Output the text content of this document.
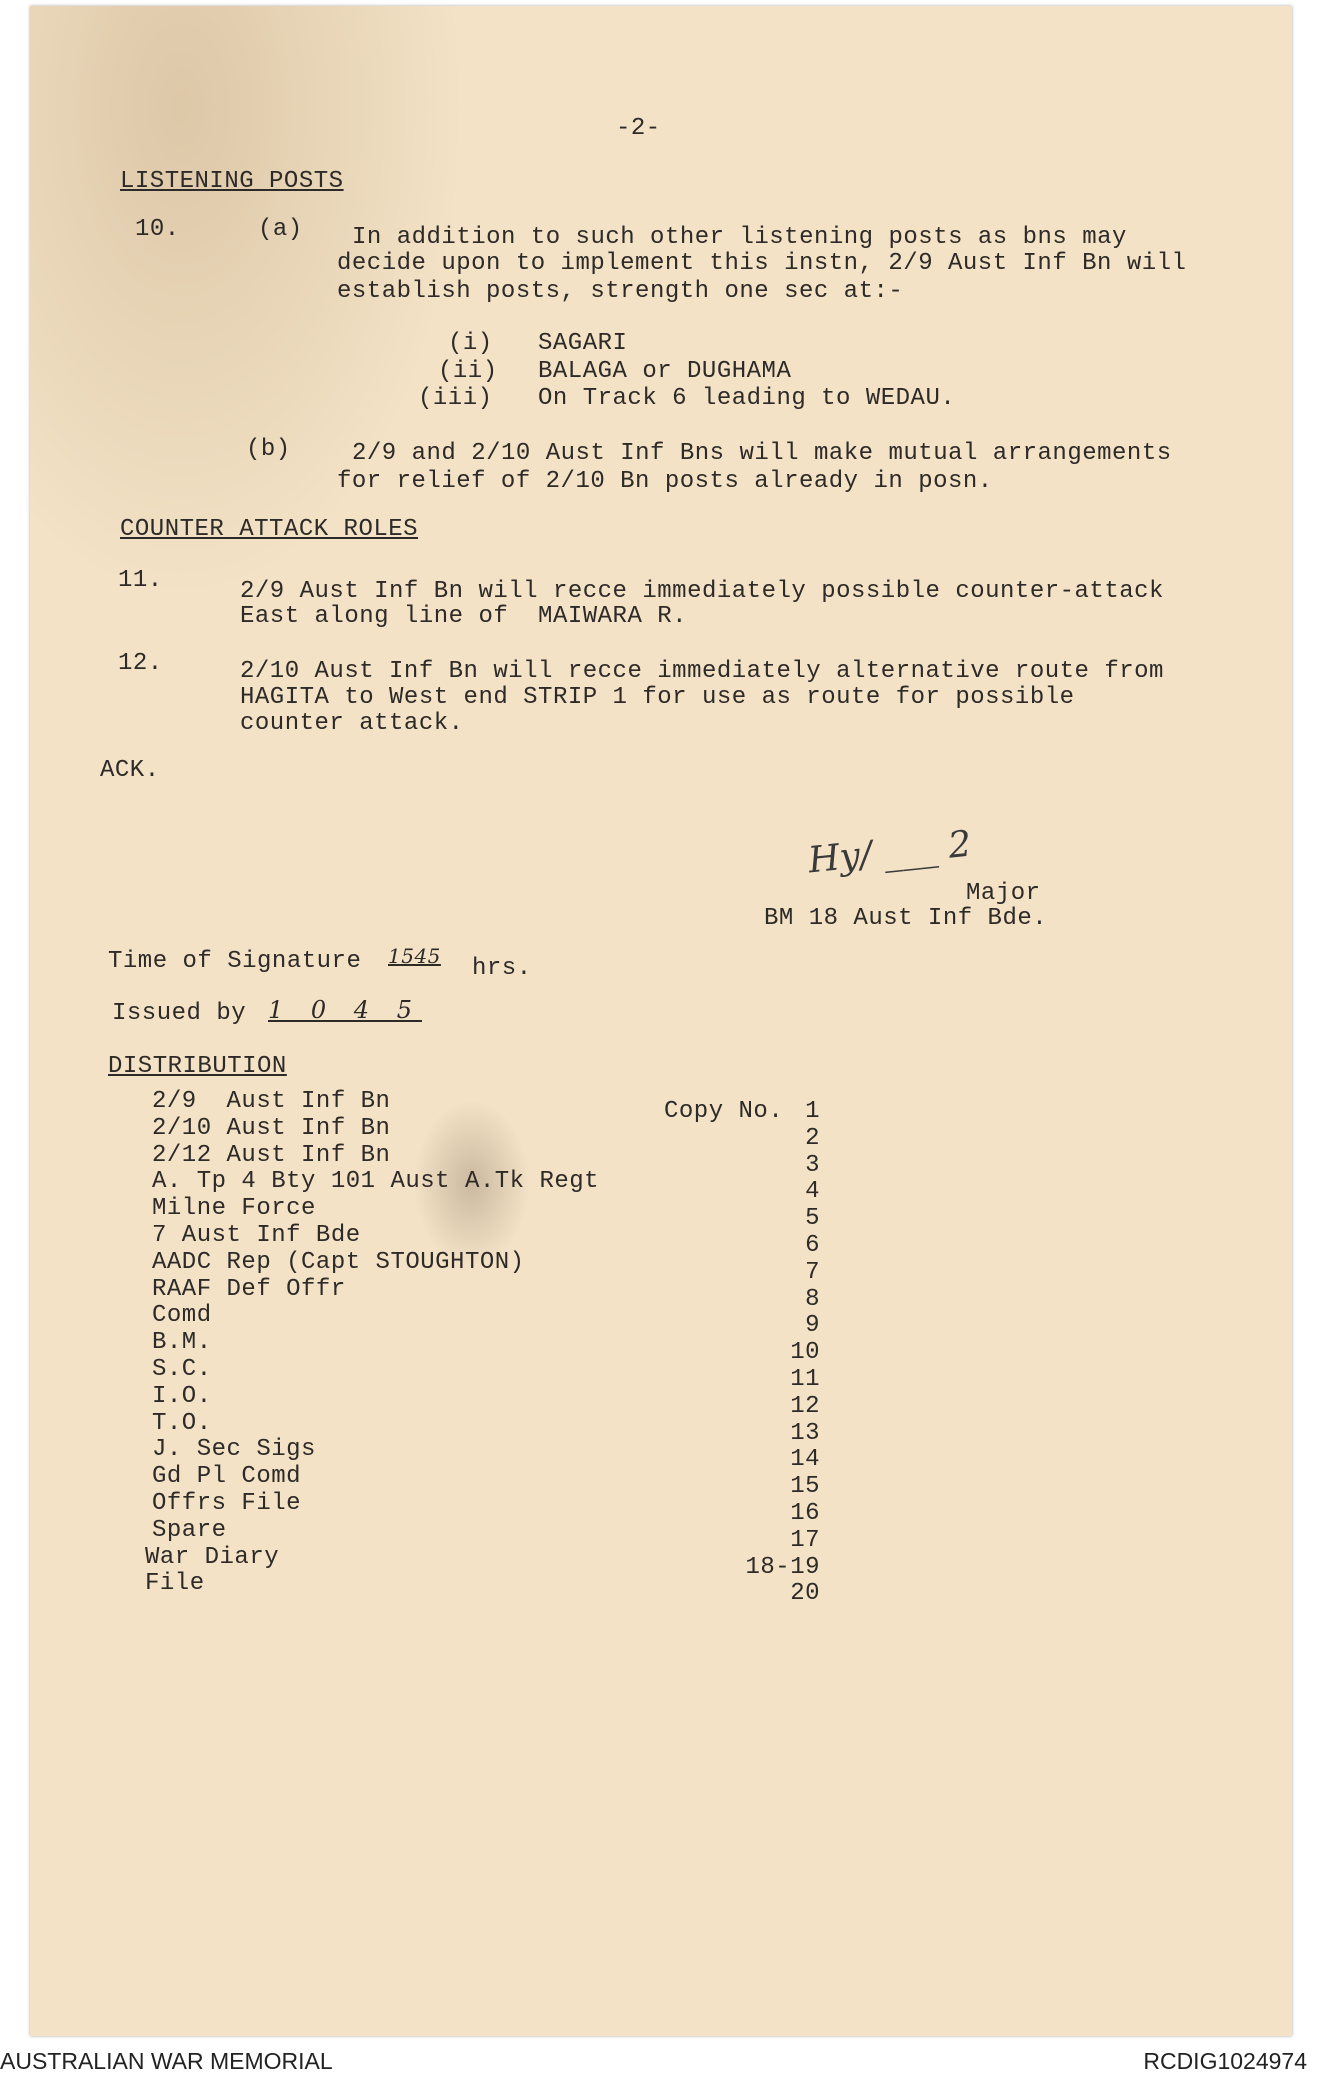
-2-
LISTENING POSTS
10.	(a) In addition to such other listening posts as bns may
decide upon to implement this instn, 2/9 Aust Inf Bn will
establish posts, strength one sec at:-
(i) SAGARI
(ii) BALAGA or DUGHAMA
(iii) On Track 6 leading to WEDAU.
(b)	2/9 and 2/10 Aust Inf Bns will make mutual arrangements
for relief of 2/10 Bn posts already in posn.
COUNTER ATTACK ROLES
11.	2/9 Aust Inf Bn will recce immediately possible counter-attack
East along line of  MAIWARA R.
12.	2/10 Aust Inf Bn will recce immediately alternative route from
HAGITA to West end STRIP 1 for use as route for possible
counter attack.
ACK.
Hy/ ___ 2
Major
BM 18 Aust Inf Bde.
Time of Signature 1545 hrs.
Issued by 1 0 4 5
DISTRIBUTION
Copy No.
2/9  Aust Inf Bn	1
2/10 Aust Inf Bn	2
2/12 Aust Inf Bn	3
A. Tp 4 Bty 101 Aust A.Tk Regt	4
Milne Force	5
7 Aust Inf Bde	6
AADC Rep (Capt STOUGHTON)	7
RAAF Def Offr	8
Comd	9
B.M.	10
S.C.	11
I.O.	12
T.O.	13
J. Sec Sigs	14
Gd Pl Comd	15
Offrs File	16
Spare	17
War Diary	18-19
File	20
AUSTRALIAN WAR MEMORIAL	RCDIG1024974
